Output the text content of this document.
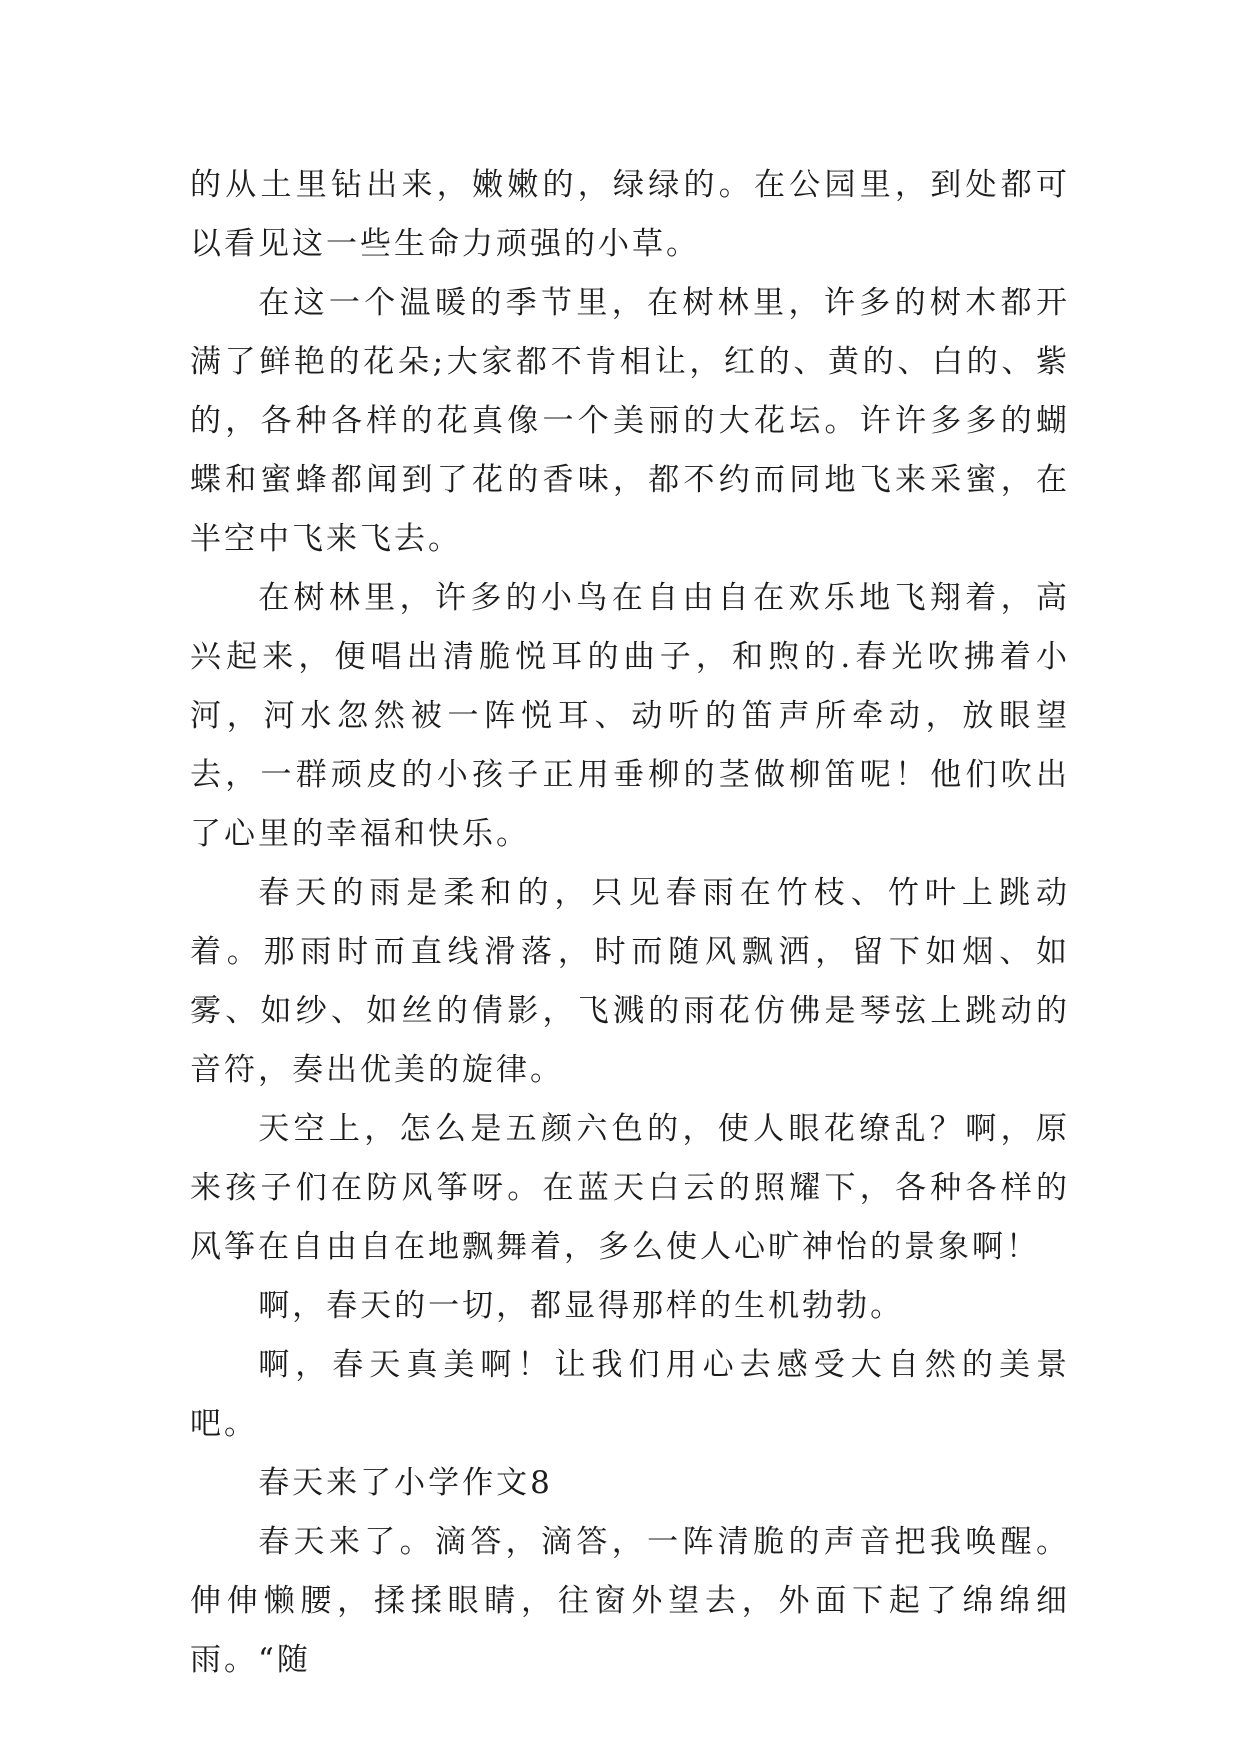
的从土里钻出来，嫩嫩的，绿绿的。在公园里，到处都可以看见这一些生命力顽强的小草。

在这一个温暖的季节里，在树林里，许多的树木都开满了鲜艳的花朵;大家都不肯相让，红的、黄的、白的、紫的，各种各样的花真像一个美丽的大花坛。许许多多的蝴蝶和蜜蜂都闻到了花的香味，都不约而同地飞来采蜜，在半空中飞来飞去。

在树林里，许多的小鸟在自由自在欢乐地飞翔着，高兴起来，便唱出清脆悦耳的曲子，和煦的.春光吹拂着小河，河水忽然被一阵悦耳、动听的笛声所牵动，放眼望去，一群顽皮的小孩子正用垂柳的茎做柳笛呢！他们吹出了心里的幸福和快乐。

春天的雨是柔和的，只见春雨在竹枝、竹叶上跳动着。那雨时而直线滑落，时而随风飘洒，留下如烟、如雾、如纱、如丝的倩影，飞溅的雨花仿佛是琴弦上跳动的音符，奏出优美的旋律。

天空上，怎么是五颜六色的，使人眼花缭乱？啊，原来孩子们在防风筝呀。在蓝天白云的照耀下，各种各样的风筝在自由自在地飘舞着，多么使人心旷神怡的景象啊！

啊，春天的一切，都显得那样的生机勃勃。

啊，春天真美啊！让我们用心去感受大自然的美景吧。

春天来了小学作文8

春天来了。滴答，滴答，一阵清脆的声音把我唤醒。伸伸懒腰，揉揉眼睛，往窗外望去，外面下起了绵绵细雨。“随
